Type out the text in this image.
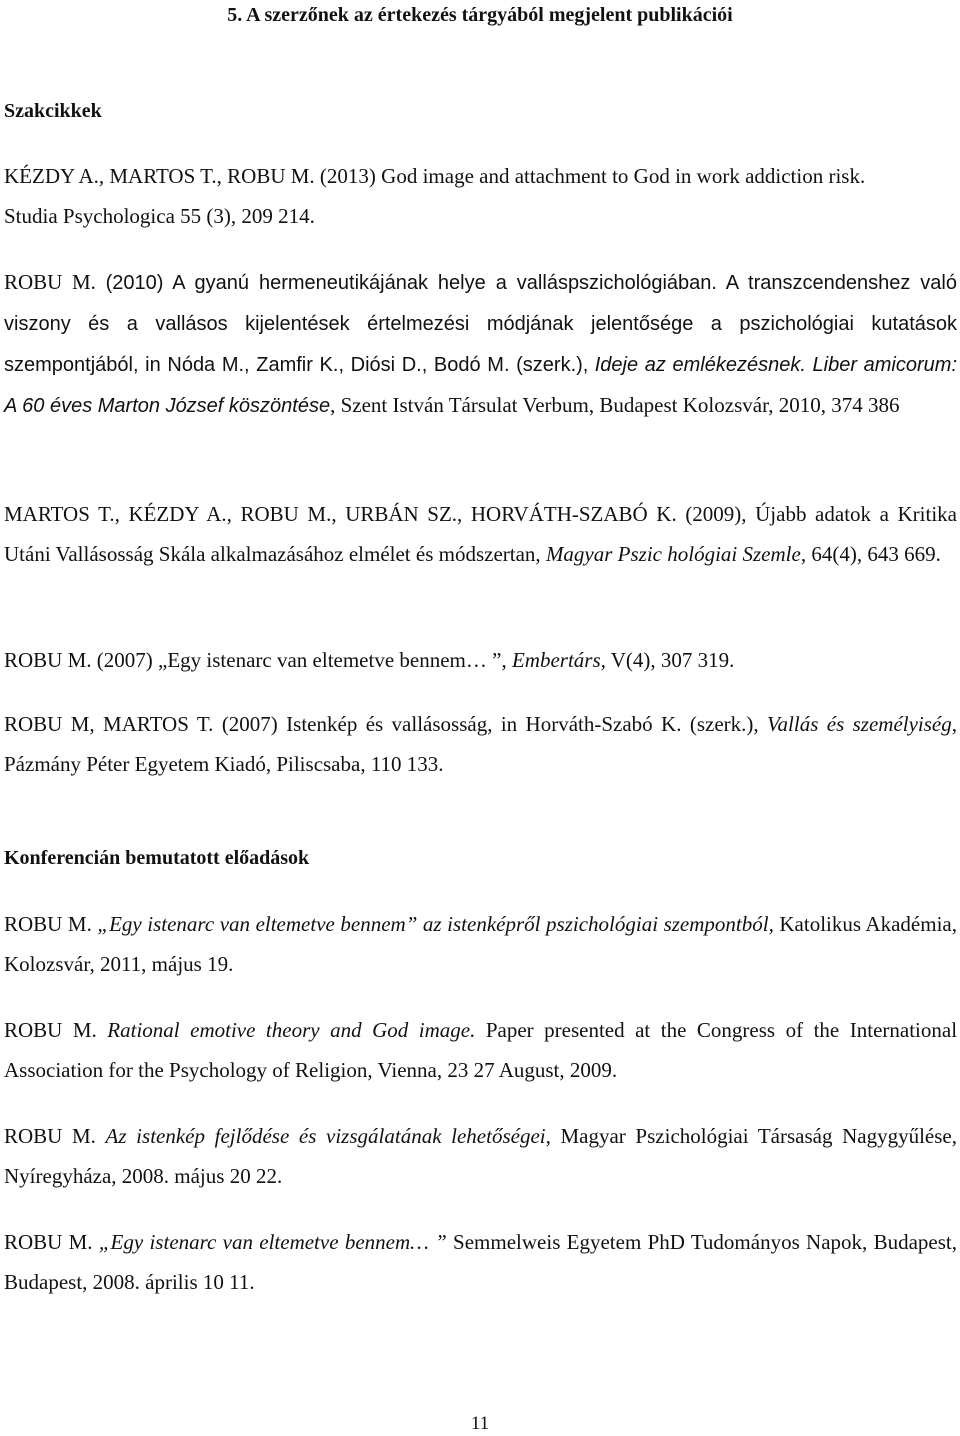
5. A szerzőnek az értekezés tárgyából megjelent publikációi
Szakcikkek

KÉZDY A., MARTOS T., ROBU M. (2013) God image and attachment to God in work addiction risk.
Studia Psychologica 55 (3), 209 214.

ROBU M. (2010) A gyanú hermeneutikájának helye a valláspszichológiában. A transzcendenshez való viszony és a vallásos kijelentések értelmezési módjának jelentősége a pszichológiai kutatások szempontjából, in Nóda M., Zamfir K., Diósi D., Bodó M. (szerk.), Ideje az emlékezésnek. Liber amicorum: A 60 éves Marton József köszöntése, Szent István Társulat Verbum, Budapest Kolozsvár, 2010, 374 386

MARTOS T., KÉZDY A., ROBU M., URBÁN SZ., HORVÁTH-SZABÓ K. (2009), Újabb adatok a Kritika Utáni Vallásosság Skála alkalmazásához elmélet és módszertan, Magyar Pszic hológiai Szemle, 64(4), 643 669.

ROBU M. (2007) „Egy istenarc van eltemetve bennem… ”, Embertárs, V(4), 307 319.

ROBU M, MARTOS T. (2007) Istenkép és vallásosság, in Horváth-Szabó K. (szerk.), Vallás és személyiség, Pázmány Péter Egyetem Kiadó, Piliscsaba, 110 133.

Konferencián bemutatott előadások

ROBU M. „Egy istenarc van eltemetve bennem” az istenképről pszichológiai szempontból, Katolikus Akadémia, Kolozsvár, 2011, május 19.

ROBU M. Rational emotive theory and God image. Paper presented at the Congress of the International Association for the Psychology of Religion, Vienna, 23 27 August, 2009.

ROBU M. Az istenkép fejlődése és vizsgálatának lehetőségei, Magyar Pszichológiai Társaság Nagygyűlése, Nyíregyháza, 2008. május 20 22.

ROBU M. „Egy istenarc van eltemetve bennem… ” Semmelweis Egyetem PhD Tudományos Napok, Budapest, Budapest, 2008. április 10 11.

11
